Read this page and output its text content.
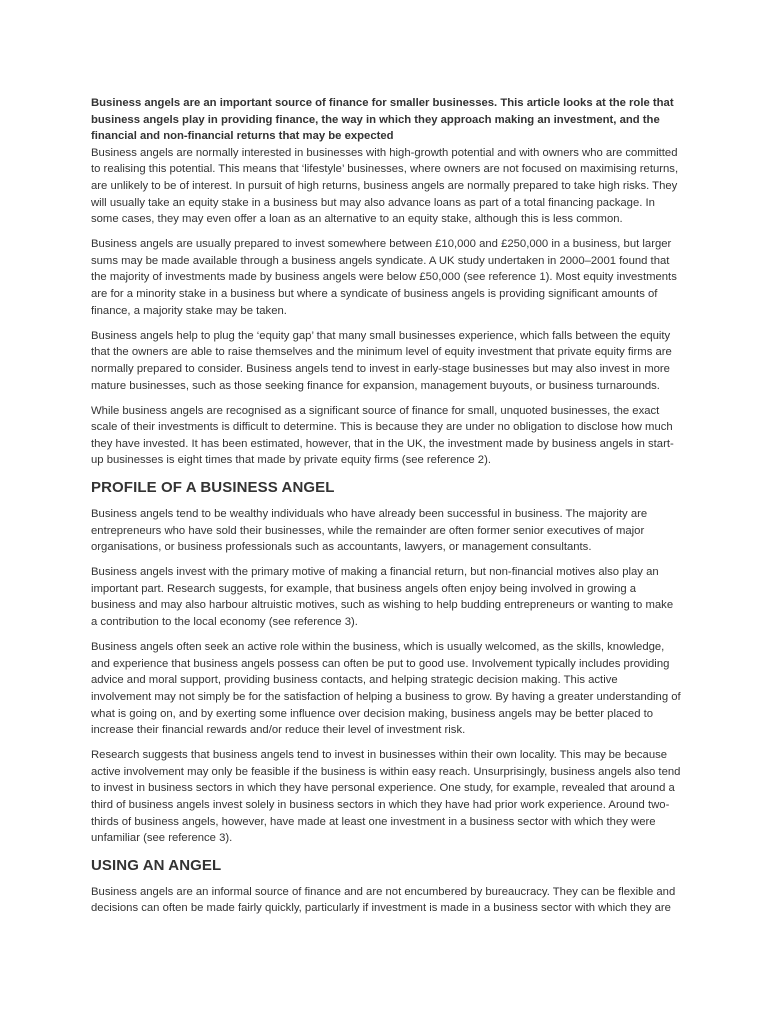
Business angels are an important source of finance for smaller businesses. This article looks at the role that business angels play in providing finance, the way in which they approach making an investment, and the financial and non-financial returns that may be expected

Business angels are normally interested in businesses with high-growth potential and with owners who are committed to realising this potential. This means that ‘lifestyle’ businesses, where owners are not focused on maximising returns, are unlikely to be of interest. In pursuit of high returns, business angels are normally prepared to take high risks. They will usually take an equity stake in a business but may also advance loans as part of a total financing package. In some cases, they may even offer a loan as an alternative to an equity stake, although this is less common.

Business angels are usually prepared to invest somewhere between £10,000 and £250,000 in a business, but larger sums may be made available through a business angels syndicate. A UK study undertaken in 2000–2001 found that the majority of investments made by business angels were below £50,000 (see reference 1). Most equity investments are for a minority stake in a business but where a syndicate of business angels is providing significant amounts of finance, a majority stake may be taken.

Business angels help to plug the ‘equity gap’ that many small businesses experience, which falls between the equity that the owners are able to raise themselves and the minimum level of equity investment that private equity firms are normally prepared to consider. Business angels tend to invest in early-stage businesses but may also invest in more mature businesses, such as those seeking finance for expansion, management buyouts, or business turnarounds.

While business angels are recognised as a significant source of finance for small, unquoted businesses, the exact scale of their investments is difficult to determine. This is because they are under no obligation to disclose how much they have invested. It has been estimated, however, that in the UK, the investment made by business angels in start-up businesses is eight times that made by private equity firms (see reference 2).

PROFILE OF A BUSINESS ANGEL

Business angels tend to be wealthy individuals who have already been successful in business. The majority are entrepreneurs who have sold their businesses, while the remainder are often former senior executives of major organisations, or business professionals such as accountants, lawyers, or management consultants.

Business angels invest with the primary motive of making a financial return, but non-financial motives also play an important part. Research suggests, for example, that business angels often enjoy being involved in growing a business and may also harbour altruistic motives, such as wishing to help budding entrepreneurs or wanting to make a contribution to the local economy (see reference 3).

Business angels often seek an active role within the business, which is usually welcomed, as the skills, knowledge, and experience that business angels possess can often be put to good use. Involvement typically includes providing advice and moral support, providing business contacts, and helping strategic decision making. This active involvement may not simply be for the satisfaction of helping a business to grow. By having a greater understanding of what is going on, and by exerting some influence over decision making, business angels may be better placed to increase their financial rewards and/or reduce their level of investment risk.

Research suggests that business angels tend to invest in businesses within their own locality. This may be because active involvement may only be feasible if the business is within easy reach. Unsurprisingly, business angels also tend to invest in business sectors in which they have personal experience. One study, for example, revealed that around a third of business angels invest solely in business sectors in which they have had prior work experience. Around two-thirds of business angels, however, have made at least one investment in a business sector with which they were unfamiliar (see reference 3).

USING AN ANGEL

Business angels are an informal source of finance and are not encumbered by bureaucracy. They can be flexible and decisions can often be made fairly quickly, particularly if investment is made in a business sector with which they are
